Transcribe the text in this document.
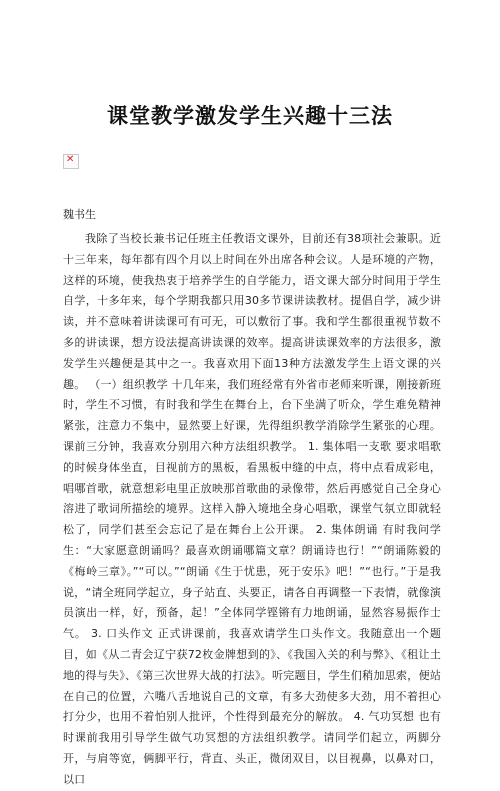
课堂教学激发学生兴趣十三法
✕
魏书生
我除了当校长兼书记任班主任教语文课外，目前还有38项社会兼职。近十三年来，每年都有四个月以上时间在外出席各种会议。人是环境的产物，这样的环境，使我热衷于培养学生的自学能力，语文课大部分时间用于学生自学，十多年来，每个学期我都只用30多节课讲读教材。提倡自学，减少讲读，并不意味着讲读课可有可无，可以敷衍了事。我和学生都很重视节数不多的讲读课，想方设法提高讲读课的效率。提高讲读课效率的方法很多，激发学生兴趣便是其中之一。我喜欢用下面13种方法激发学生上语文课的兴趣。 （一）组织教学 十几年来，我们班经常有外省市老师来听课，刚接新班时，学生不习惯，有时我和学生在舞台上，台下坐满了听众，学生难免精神紧张，注意力不集中，显然要上好课，先得组织教学消除学生紧张的心理。课前三分钟，我喜欢分别用六种方法组织教学。 1. 集体唱一支歌 要求唱歌的时候身体坐直，目视前方的黑板，看黑板中缝的中点，将中点看成彩电，唱哪首歌，就意想彩电里正放映那首歌曲的录像带，然后再感觉自己全身心溶进了歌词所描绘的境界。这样入静入境地全身心唱歌，课堂气氛立即就轻松了，同学们甚至会忘记了是在舞台上公开课。 2. 集体朗诵 有时我问学生：“大家愿意朗诵吗？最喜欢朗诵哪篇文章？朗诵诗也行！”“朗诵陈毅的《梅岭三章》。”“可以。”“朗诵《生于忧患，死于安乐》吧！”“也行。”于是我说，“请全班同学起立，身子站直、头要正，请各自再调整一下表情，就像演员演出一样，好，预备，起！”全体同学铿锵有力地朗诵，显然容易振作士气。 3. 口头作文 正式讲课前，我喜欢请学生口头作文。我随意出一个题目，如《从二青会辽宁获72枚金牌想到的》、《我国入关的利与弊》、《租让土地的得与失》、《第三次世界大战的打法》。听完题目，学生们稍加思索，便站在自己的位置，六嘴八舌地说自己的文章，有多大劲使多大劲，用不着担心打分少，也用不着怕别人批评，个性得到最充分的解放。 4. 气功冥想 也有时课前我用引导学生做气功冥想的方法组织教学。请同学们起立，两脚分开，与肩等宽，俩脚平行，背直、头正，微闭双目，以目视鼻，以鼻对口，以口
